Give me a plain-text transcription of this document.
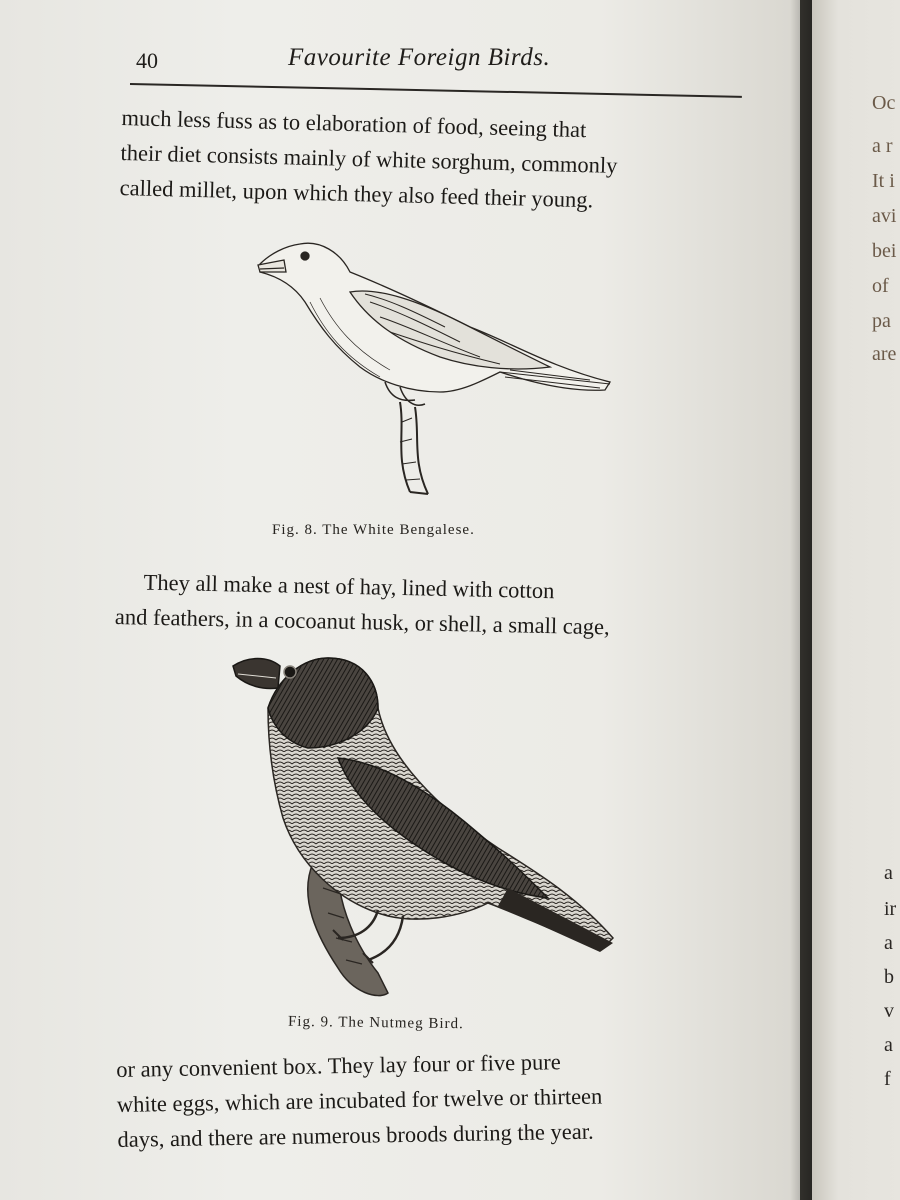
40	Favourite Foreign Birds.
much less fuss as to elaboration of food, seeing that
their diet consists mainly of white sorghum, commonly
called millet, upon which they also feed their young.
Fig. 8. The White Bengalese.
They all make a nest of hay, lined with cotton
and feathers, in a cocoanut husk, or shell, a small cage,
Fig. 9. The Nutmeg Bird.
or any convenient box. They lay four or five pure
white eggs, which are incubated for twelve or thirteen
days, and there are numerous broods during the year.
Oc
a r
It i
avi
bei
of
pa
are
a
ir
a
b
v
a
f
